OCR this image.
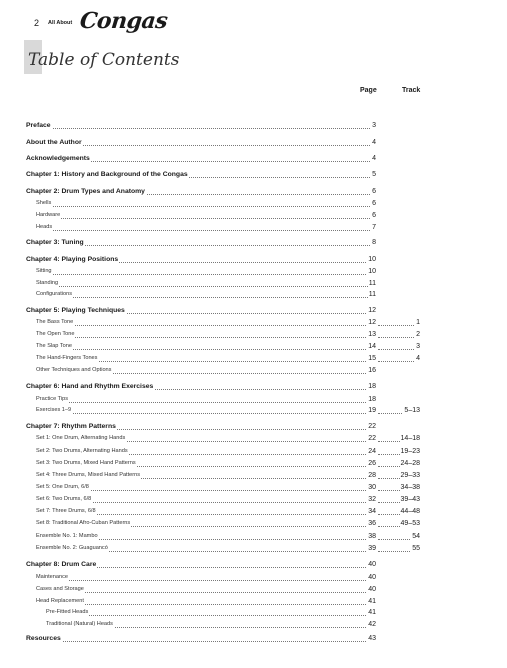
2 All About Congas
Table of Contents
Page	Track
Preface	3
About the Author	4
Acknowledgements	4
Chapter 1: History and Background of the Congas	5
Chapter 2: Drum Types and Anatomy	6
Shells	6
Hardware	6
Heads	7
Chapter 3: Tuning	8
Chapter 4: Playing Positions	10
Sitting	10
Standing	11
Configurations	11
Chapter 5: Playing Techniques	12
The Bass Tone	12	1
The Open Tone	13	2
The Slap Tone	14	3
The Hand-Fingers Tones	15	4
Other Techniques and Options	16
Chapter 6: Hand and Rhythm Exercises	18
Practice Tips	18
Exercises 1–9	19	5–13
Chapter 7: Rhythm Patterns	22
Set 1: One Drum, Alternating Hands	22	14–18
Set 2: Two Drums, Alternating Hands	24	19–23
Set 3: Two Drums, Mixed Hand Patterns	26	24–28
Set 4: Three Drums, Mixed Hand Patterns	28	29–33
Set 5: One Drum, 6/8	30	34–38
Set 6: Two Drums, 6/8	32	39–43
Set 7: Three Drums, 6/8	34	44–48
Set 8: Traditional Afro-Cuban Patterns	36	49–53
Ensemble No. 1: Mambo	38	54
Ensemble No. 2: Guaguancó	39	55
Chapter 8: Drum Care	40
Maintenance	40
Cases and Storage	40
Head Replacement	41
Pre-Fitted Heads	41
Traditional (Natural) Heads	42
Resources	43
